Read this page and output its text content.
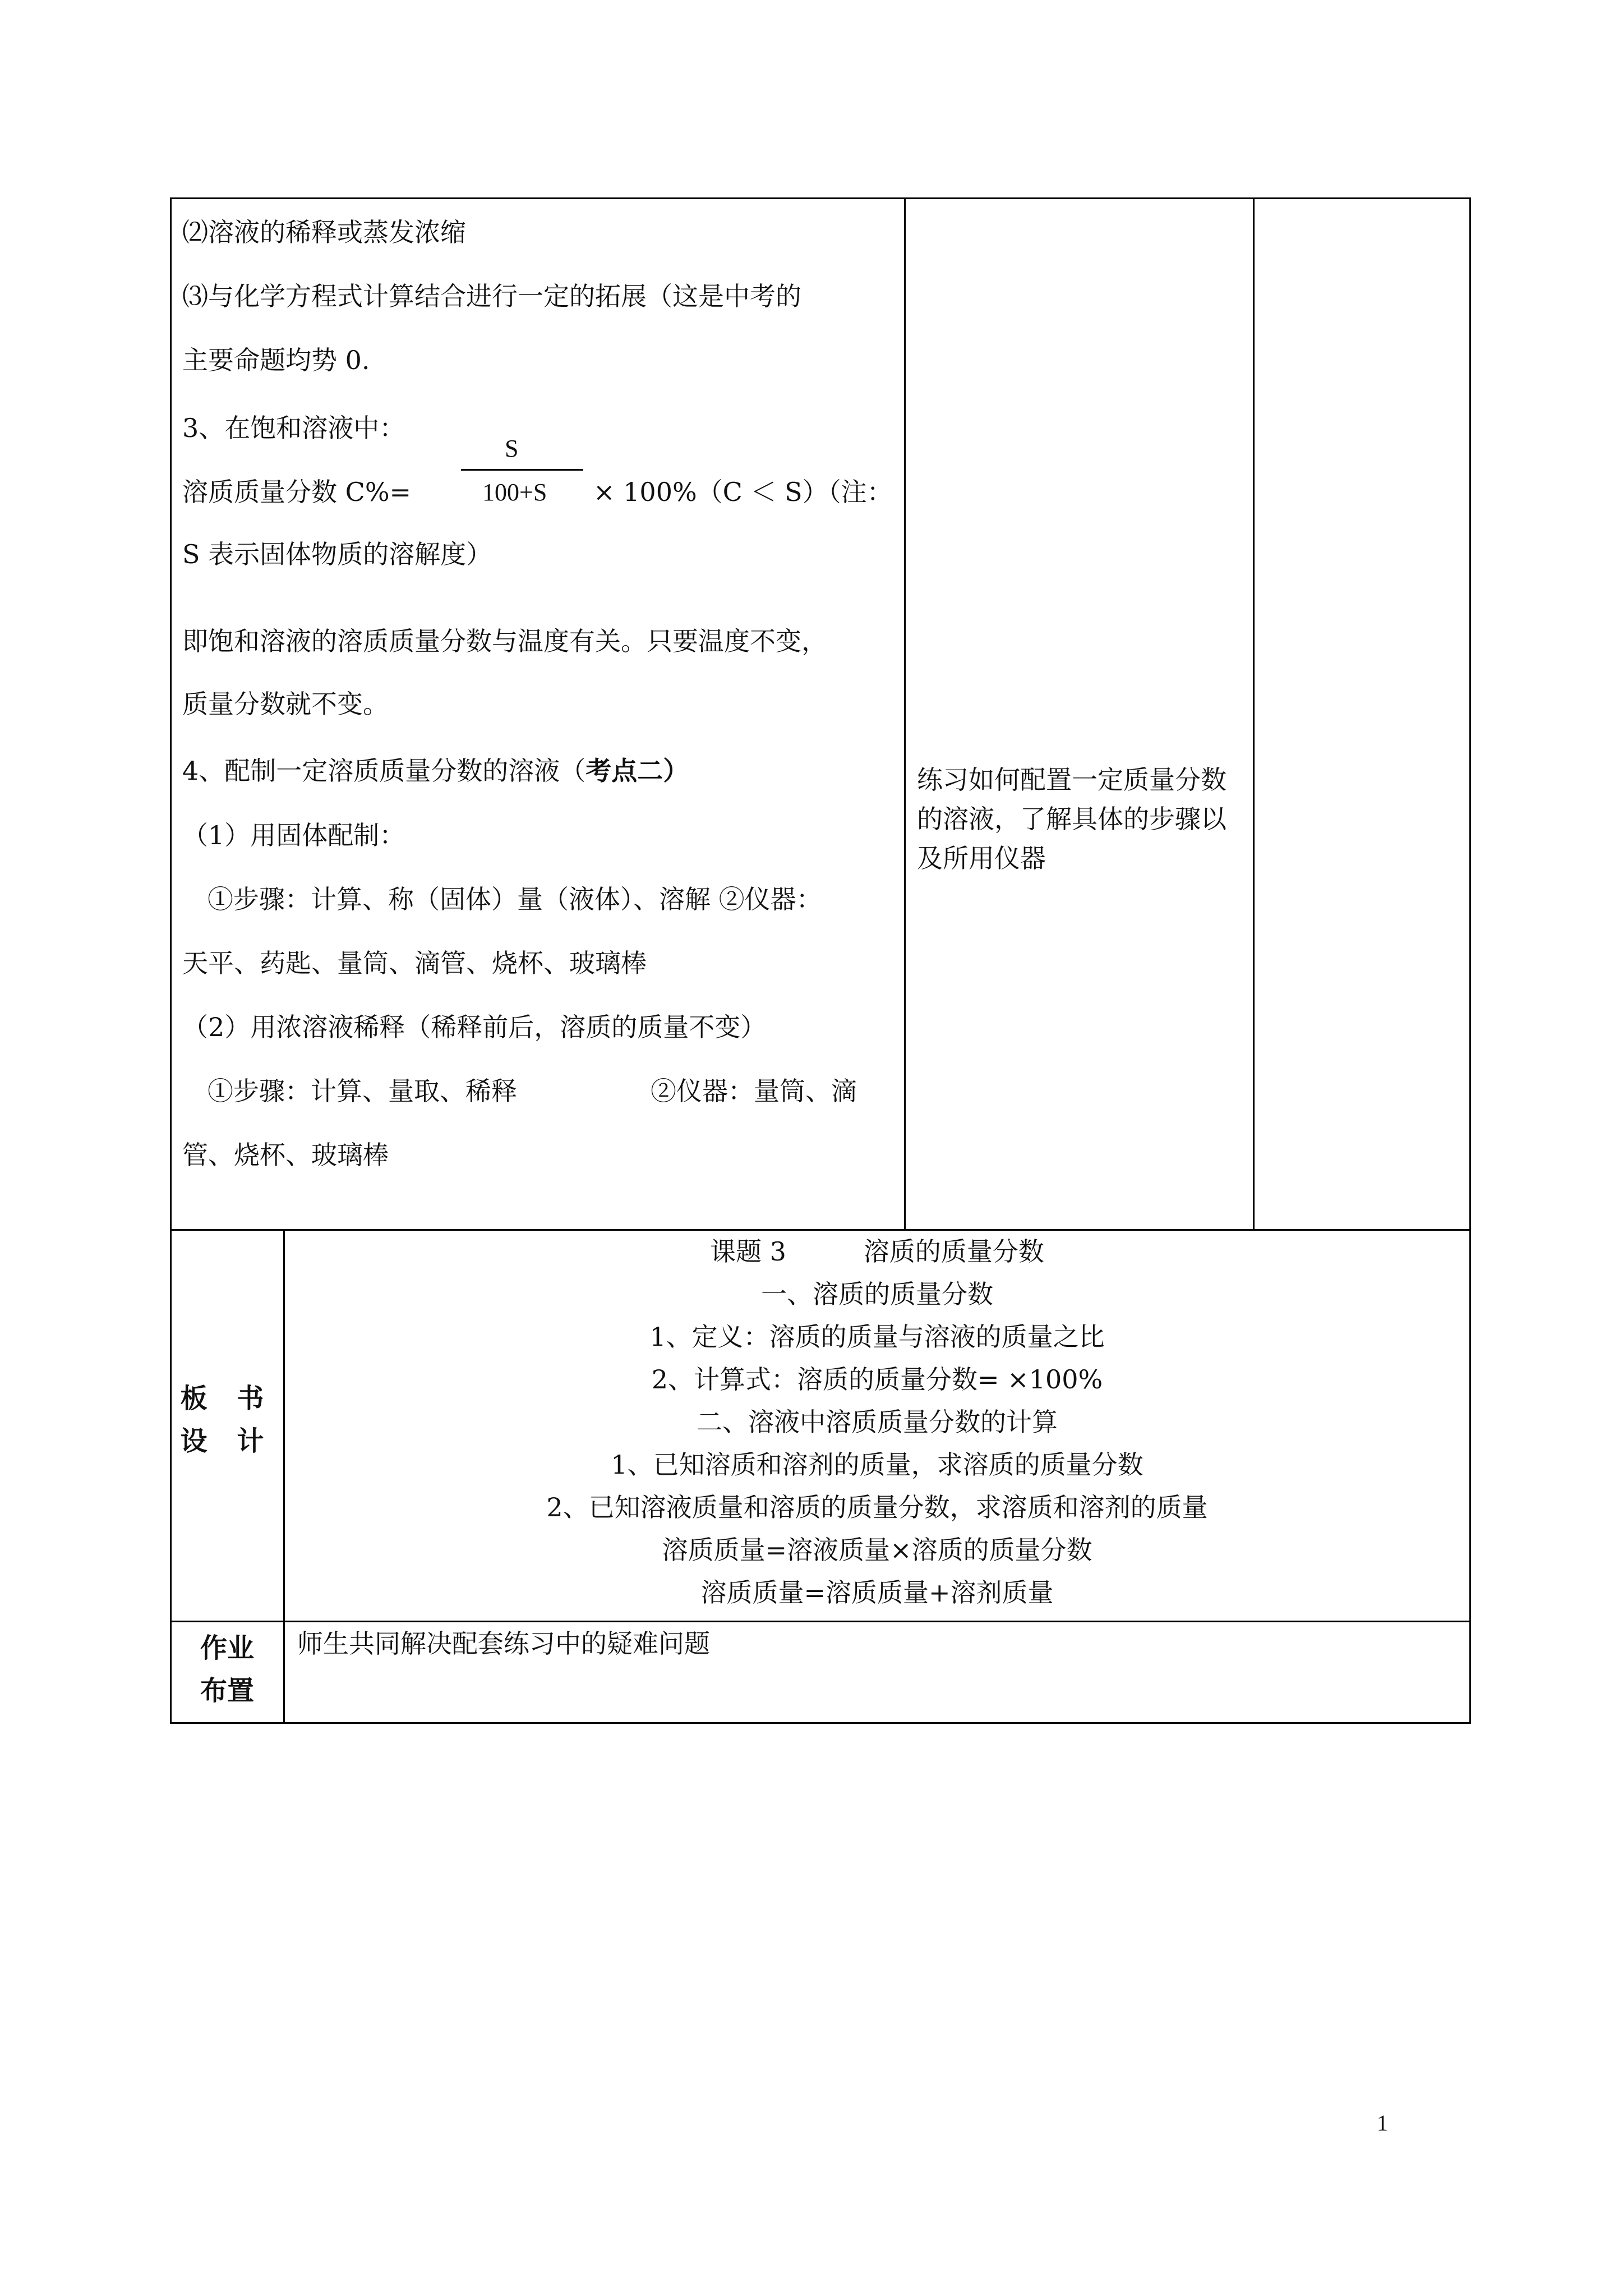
⑵溶液的稀释或蒸发浓缩
⑶与化学方程式计算结合进行一定的拓展（这是中考的
主要命题均势 0.
3、在饱和溶液中：
溶质质量分数 C%=
S
100+S × 100%（C ＜ S）（注：
S 表示固体物质的溶解度）
即饱和溶液的溶质质量分数与温度有关。只要温度不变，
质量分数就不变。
4、配制一定溶质质量分数的溶液（考点二）
（1）用固体配制：
①步骤：计算、称（固体）量（液体）、溶解 ②仪器：
天平、药匙、量筒、滴管、烧杯、玻璃棒
（2）用浓溶液稀释（稀释前后，溶质的质量不变）
①步骤：计算、量取、稀释	②仪器：量筒、滴
管、烧杯、玻璃棒
练习如何配置一定质量分数的溶液，了解具体的步骤以及所用仪器
板 书
设 计
课题 3　　　溶质的质量分数
一、溶质的质量分数
1、定义：溶质的质量与溶液的质量之比
2、计算式：溶质的质量分数= ×100%
二、溶液中溶质质量分数的计算
1、已知溶质和溶剂的质量，求溶质的质量分数
2、已知溶液质量和溶质的质量分数，求溶质和溶剂的质量
溶质质量=溶液质量×溶质的质量分数
溶质质量=溶质质量+溶剂质量
作业
布置
师生共同解决配套练习中的疑难问题
1
